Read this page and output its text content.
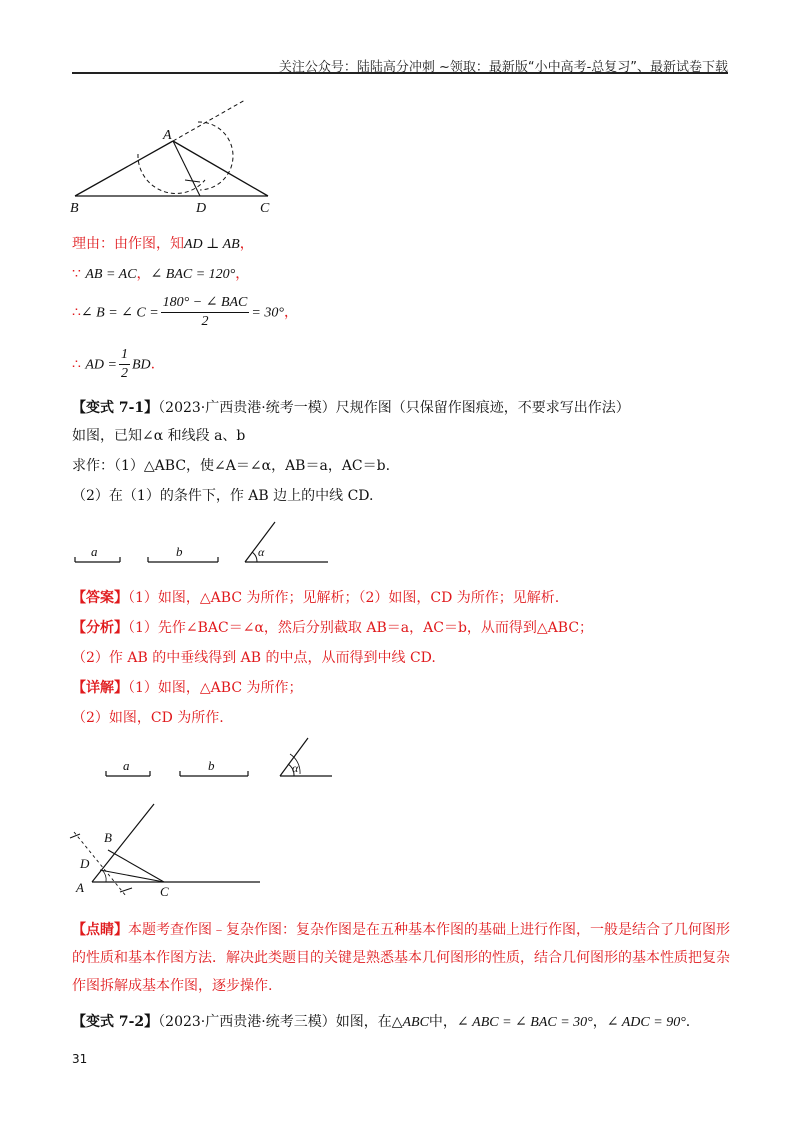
关注公众号：陆陆高分冲刺 ~领取：最新版“小中高考-总复习”、最新试卷下载
A
B	D	C
理由：由作图，知AD ⊥ AB，
∵ AB = AC，∠ BAC = 120°，
∴∠ B = ∠ $C = \frac{\text{180° − ∠ BAC}}{2} = 30^\circ$，
∴ AD = $\frac{1}{2}$ BD.
【变式 7-1】（2023·广西贵港·统考一模）尺规作图（只保留作图痕迹，不要求写出作法）
如图，已知∠α 和线段 a、b
求作：（1）△ABC，使∠A＝∠α，AB＝a，AC＝b.
（2）在（1）的条件下，作 AB 边上的中线 CD.
a	b	α
【答案】（1）如图，△ABC 为所作；见解析；（2）如图，CD 为所作；见解析.
【分析】（1）先作∠BAC＝∠α，然后分别截取 AB＝a，AC＝b，从而得到△ABC；
（2）作 AB 的中垂线得到 AB 的中点，从而得到中线 CD.
【详解】（1）如图，△ABC 为所作；
（2）如图，CD 为所作.
a	b	α
B
D
A	C
【点睛】本题考查作图﹣复杂作图：复杂作图是在五种基本作图的基础上进行作图，一般是结合了几何图形的性质和基本作图方法．解决此类题目的关键是熟悉基本几何图形的性质，结合几何图形的基本性质把复杂作图拆解成基本作图，逐步操作.
【变式 7-2】（2023·广西贵港·统考三模）如图，在△ABC中，∠ ABC = ∠ BAC = 30°，∠ ADC = 90°.
31
